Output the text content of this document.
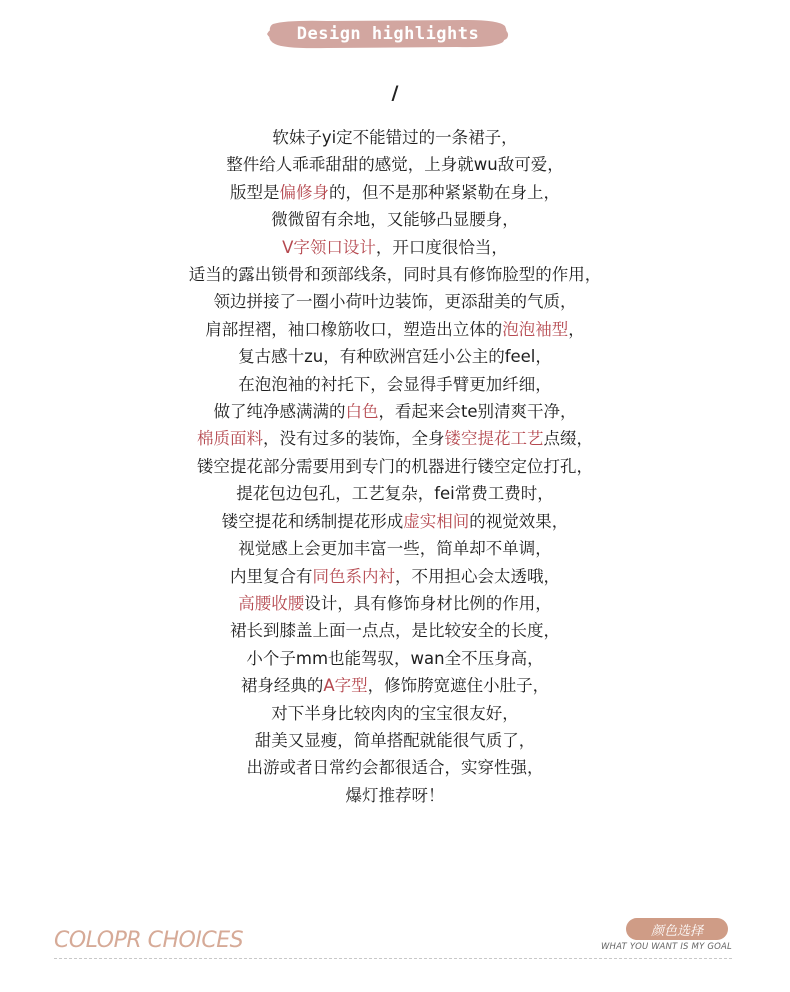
Design highlights
/
软妹子yi定不能错过的一条裙子，
整件给人乖乖甜甜的感觉，上身就wu敌可爱，
版型是偏修身的，但不是那种紧紧勒在身上，
微微留有余地，又能够凸显腰身，
V字领口设计，开口度很恰当，
适当的露出锁骨和颈部线条，同时具有修饰脸型的作用，
领边拼接了一圈小荷叶边装饰，更添甜美的气质，
肩部捏褶，袖口橡筋收口，塑造出立体的泡泡袖型，
复古感十zu，有种欧洲宫廷小公主的feel，
在泡泡袖的衬托下，会显得手臂更加纤细，
做了纯净感满满的白色，看起来会te别清爽干净，
棉质面料，没有过多的装饰，全身镂空提花工艺点缀，
镂空提花部分需要用到专门的机器进行镂空定位打孔，
提花包边包孔，工艺复杂，fei常费工费时，
镂空提花和绣制提花形成虚实相间的视觉效果，
视觉感上会更加丰富一些，简单却不单调，
内里复合有同色系内衬，不用担心会太透哦，
高腰收腰设计，具有修饰身材比例的作用，
裙长到膝盖上面一点点，是比较安全的长度，
小个子mm也能驾驭，wan全不压身高，
裙身经典的A字型，修饰胯宽遮住小肚子，
对下半身比较肉肉的宝宝很友好，
甜美又显瘦，简单搭配就能很气质了，
出游或者日常约会都很适合，实穿性强，
爆灯推荐呀！
COLOPR CHOICES	颜色选择
WHAT YOU WANT IS MY GOAL
